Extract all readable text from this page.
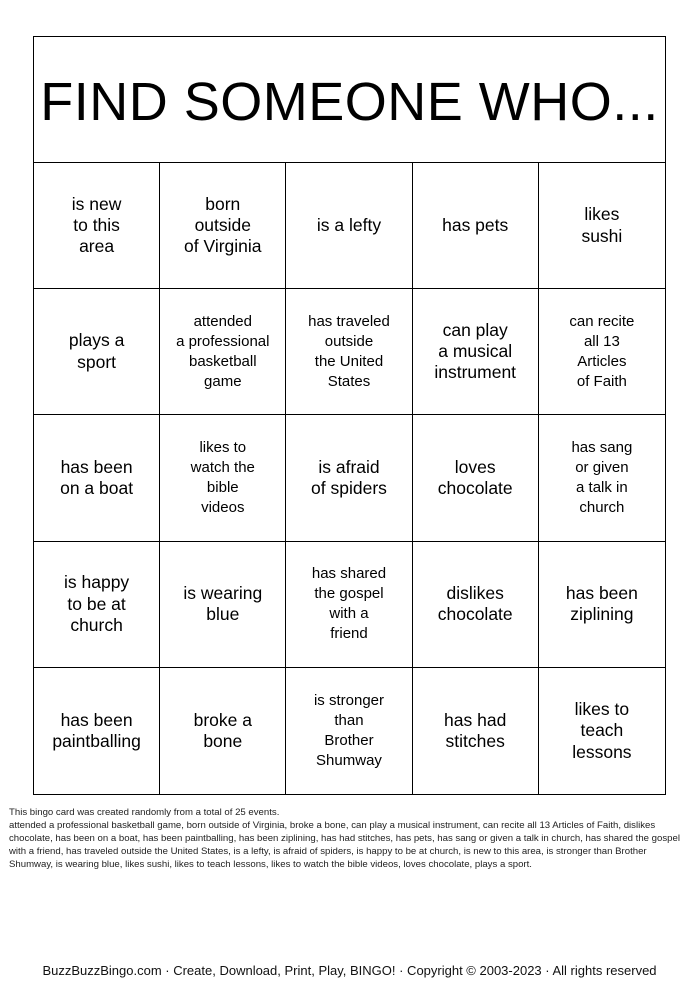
FIND SOMEONE WHO...
is new
to this
area
born
outside
of Virginia
is a lefty	has pets
likes
sushi
plays a
sport
attended
a professional
basketball
game
has traveled
outside
the United
States
can play
a musical
instrument
can recite
all 13
Articles
of Faith
has been
on a boat
likes to
watch the
bible
videos
is afraid
of spiders
loves
chocolate
has sang
or given
a talk in
church
is happy
to be at
church
is wearing
blue
has shared
the gospel
with a
friend
dislikes
chocolate
has been
ziplining
has been
paintballing
broke a
bone
is stronger
than
Brother
Shumway
has had
stitches
likes to
teach
lessons

This bingo card was created randomly from a total of 25 events.

attended a professional basketball game, born outside of Virginia, broke a bone, can play a musical instrument, can recite all 13 Articles of Faith, dislikes chocolate, has been on a boat, has been paintballing, has been ziplining, has had stitches, has pets, has sang or given a talk in church, has shared the gospel with a friend, has traveled outside the United States, is a lefty, is afraid of spiders, is happy to be at church, is new to this area, is stronger than Brother Shumway, is wearing blue, likes sushi, likes to teach lessons, likes to watch the bible videos, loves chocolate, plays a sport.

BuzzBuzzBingo.com · Create, Download, Print, Play, BINGO! · Copyright © 2003-2023 · All rights reserved
